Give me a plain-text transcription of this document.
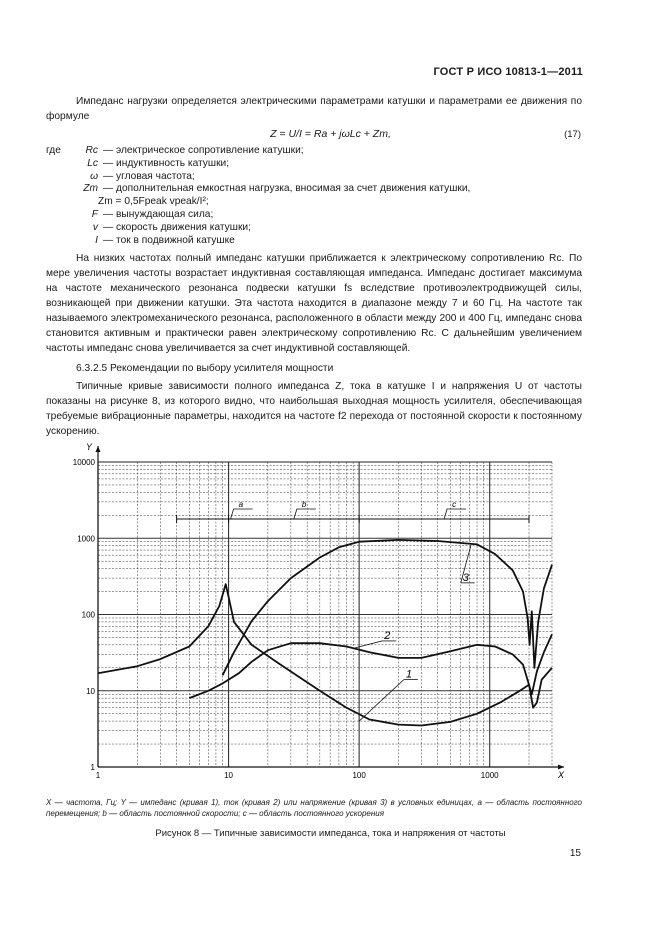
ГОСТ Р ИСО 10813-1—2011
Импеданс нагрузки определяется электрическими параметрами катушки и параметрами ее движения по формуле
Z = U/I = Ra + jωLc + Zm,	(17)
где	Rc — электрическое сопротивление катушки;
Lc — индуктивность катушки;
ω — угловая частота;
Zm — дополнительная емкостная нагрузка, вносимая за счет движения катушки,
Zm = 0,5Fpeak vpeak/I²;
F — вынуждающая сила;
v — скорость движения катушки;
I — ток в подвижной катушке
На низких частотах полный импеданс катушки приближается к электрическому сопротивлению Rc. По мере увеличения частоты возрастает индуктивная составляющая импеданса. Импеданс достигает максимума на частоте механического резонанса подвески катушки fs вследствие противоэлектродвижущей силы, возникающей при движении катушки. Эта частота находится в диапазоне между 7 и 60 Гц. На частоте так называемого электромеханического резонанса, расположенного в области между 200 и 400 Гц, импеданс снова становится активным и практически равен электрическому сопротивлению Rc. С дальнейшим увеличением частоты импеданс снова увеличивается за счет индуктивной составляющей.
6.3.2.5 Рекомендации по выбору усилителя мощности
Типичные кривые зависимости полного импеданса Z, тока в катушке I и напряжения U от частоты показаны на рисунке 8, из которого видно, что наибольшая выходная мощность усилителя, обеспечивающая требуемые вибрационные параметры, находится на частоте f2 перехода от постоянной скорости к постоянному ускорению.
X
Y
1	10	100	1000
1
10
100
1000
10000
a	b	c
1
2
3
X — частота, Гц; Y — импеданс (кривая 1), ток (кривая 2) или напряжение (кривая 3) в условных единицах, a — область постоянного перемещения; b — область постоянной скорости; c — область постоянного ускорения
Рисунок 8 — Типичные зависимости импеданса, тока и напряжения от частоты
15
